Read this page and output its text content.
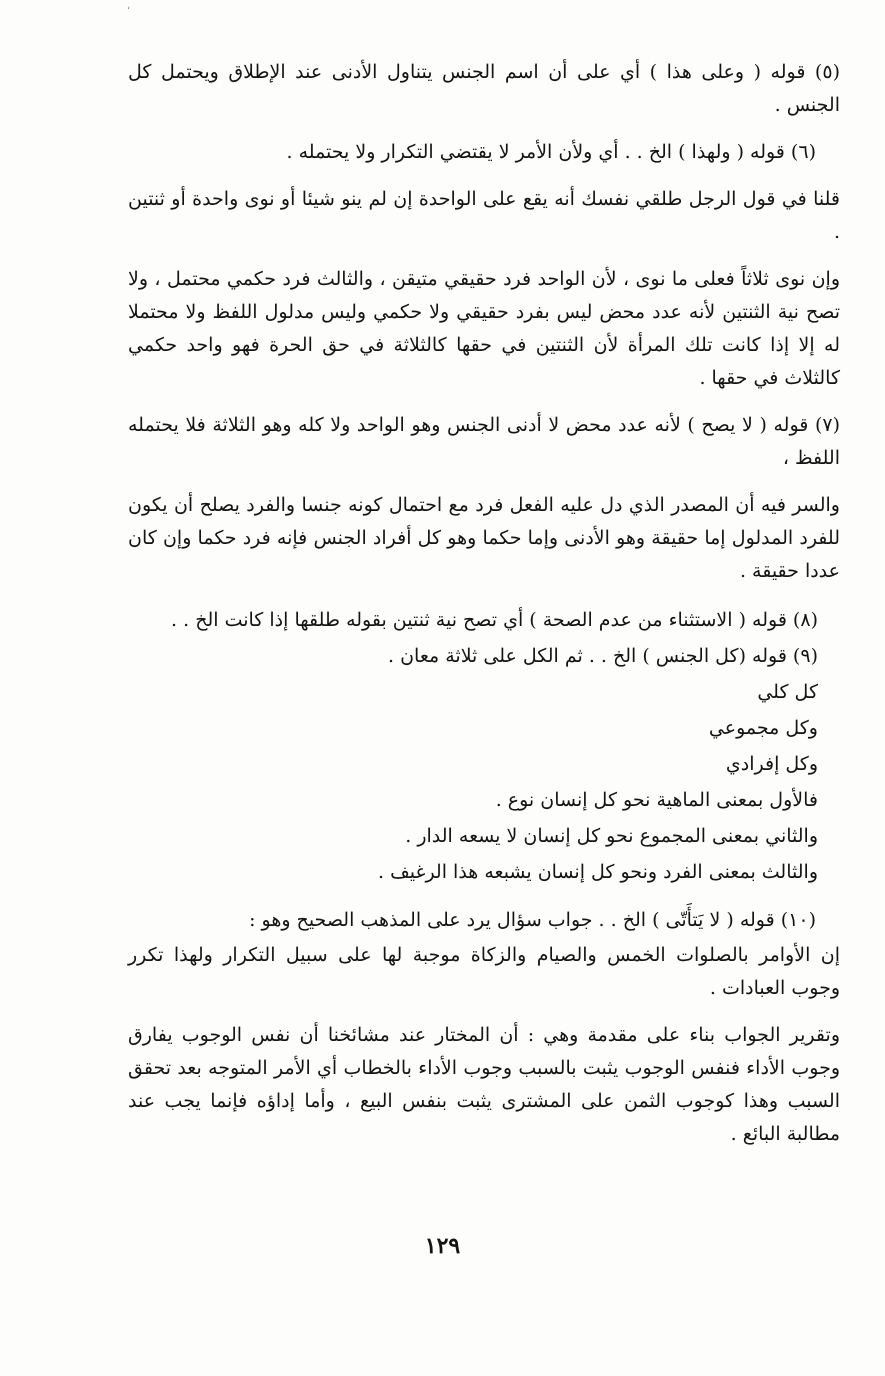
‘

(٥) قوله ( وعلى هذا ) أي على أن اسم الجنس يتناول الأدنى عند الإطلاق ويحتمل كل الجنس .

(٦) قوله ( ولهذا ) الخ . . أي ولأن الأمر لا يقتضي التكرار ولا يحتمله .

قلنا في قول الرجل طلقي نفسك أنه يقع على الواحدة إن لم ينو شيئا أو نوى واحدة أو ثنتين .

وإن نوى ثلاثاً فعلى ما نوى ، لأن الواحد فرد حقيقي متيقن ، والثالث فرد حكمي محتمل ، ولا تصح نية الثنتين لأنه عدد محض ليس بفرد حقيقي ولا حكمي وليس مدلول اللفظ ولا محتملا له إلا إذا كانت تلك المرأة لأن الثنتين في حقها كالثلاثة في حق الحرة فهو واحد حكمي كالثلاث في حقها .

(٧) قوله ( لا يصح ) لأنه عدد محض لا أدنى الجنس وهو الواحد ولا كله وهو الثلاثة فلا يحتمله اللفظ ،

والسر فيه أن المصدر الذي دل عليه الفعل فرد مع احتمال كونه جنسا والفرد يصلح أن يكون للفرد المدلول إما حقيقة وهو الأدنى وإما حكما وهو كل أفراد الجنس فإنه فرد حكما وإن كان عددا حقيقة .

(٨) قوله ( الاستثناء من عدم الصحة ) أي تصح نية ثنتين بقوله طلقها إذا كانت الخ . .
(٩) قوله (كل الجنس ) الخ . . ثم الكل على ثلاثة معان .
كل كلي
وكل مجموعي
وكل إفرادي
فالأول بمعنى الماهية نحو كل إنسان نوع .
والثاني بمعنى المجموع نحو كل إنسان لا يسعه الدار .
والثالث بمعنى الفرد ونحو كل إنسان يشبعه هذا الرغيف .

(١٠) قوله ( لا يَتأَتّى ) الخ . . جواب سؤال يرد على المذهب الصحيح وهو :

إن الأوامر بالصلوات الخمس والصيام والزكاة موجبة لها على سبيل التكرار ولهذا تكرر وجوب العبادات .

وتقرير الجواب بناء على مقدمة وهي : أن المختار عند مشائخنا أن نفس الوجوب يفارق وجوب الأداء فنفس الوجوب يثبت بالسبب وجوب الأداء بالخطاب أي الأمر المتوجه بعد تحقق السبب وهذا كوجوب الثمن على المشترى يثبت بنفس البيع ، وأما إداؤه فإنما يجب عند مطالبة البائع .

١٢٩
